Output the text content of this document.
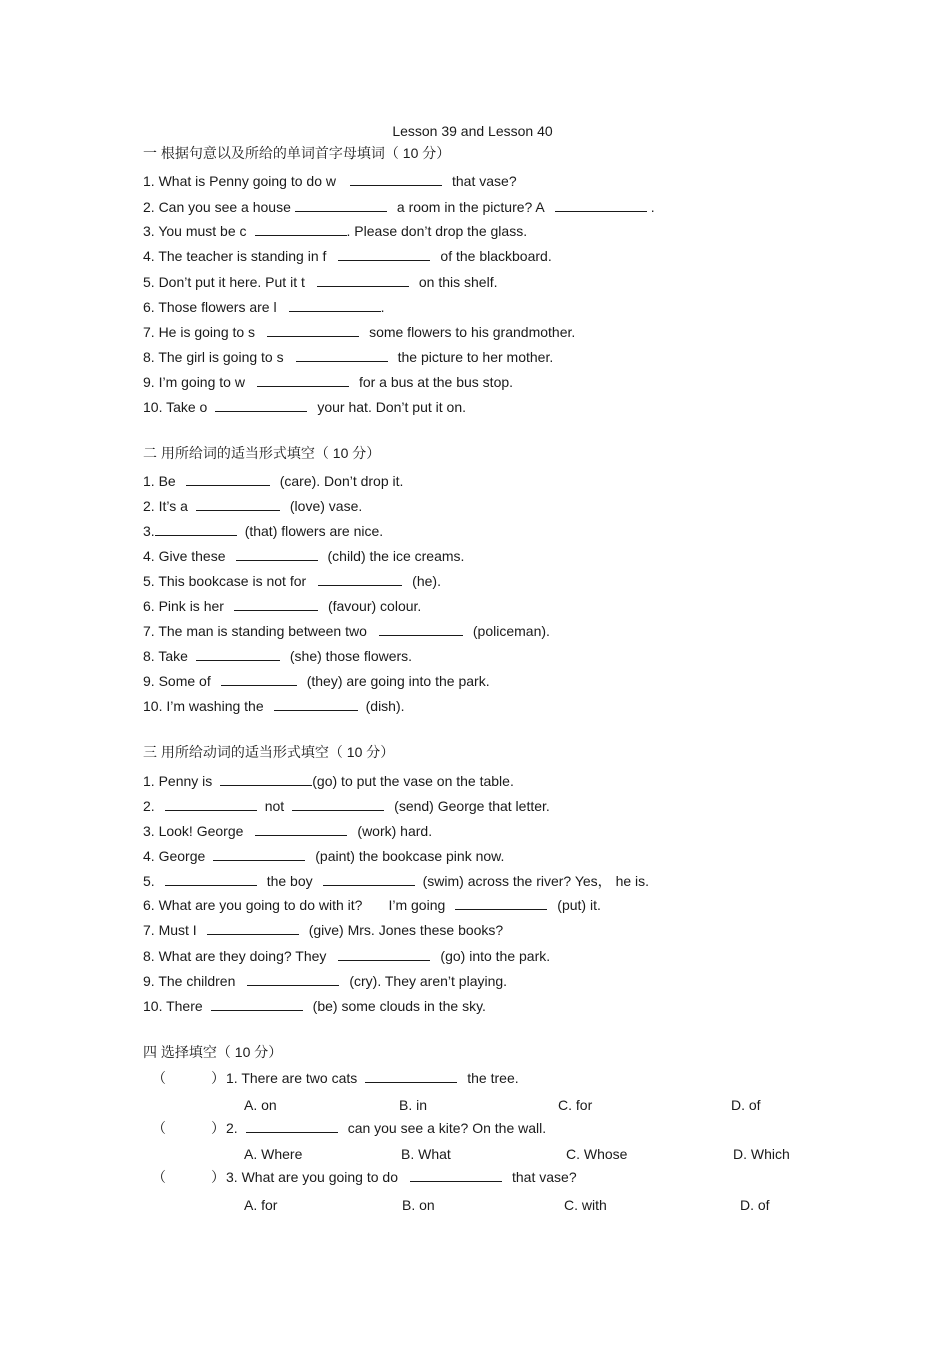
Lesson 39 and Lesson 40
一 根据句意以及所给的单词首字母填词（ 10 分）
1. What is Penny going to do w	that vase?
2. Can you see a house	a room in the picture? A	.
3. You must be c	. Please don’t drop the glass.
4. The teacher is standing in f	of the blackboard.
5. Don’t put it here. Put it t	on this shelf.
6. Those flowers are l	.
7. He is going to s	some flowers to his grandmother.
8. The girl is going to s	the picture to her mother.
9. I’m going to w	for a bus at the bus stop.
10. Take o	your hat. Don’t put it on.
二 用所给词的适当形式填空（ 10 分）
1. Be	(care). Don’t drop it.
2. It’s a	(love) vase.
3.	(that) flowers are nice.
4. Give these	(child) the ice creams.
5. This bookcase is not for	(he).
6. Pink is her	(favour) colour.
7. The man is standing between two	(policeman).
8. Take	(she) those flowers.
9. Some of	(they) are going into the park.
10. I’m washing the	(dish).
三 用所给动词的适当形式填空（ 10 分）
1. Penny is	(go) to put the vase on the table.
2.	not	(send) George that letter.
3. Look! George	(work) hard.
4. George	(paint) the bookcase pink now.
5.	the boy	(swim) across the river? Yes， he is.
6. What are you going to do with it? I’m going	(put) it.
7. Must I	(give) Mrs. Jones these books?
8. What are they doing? They	(go) into the park.
9. The children	(cry). They aren’t playing.
10. There	(be) some clouds in the sky.
四 选择填空（ 10 分）
（	） 1. There are two cats	the tree.
A. on	B. in	C. for	D. of
（	） 2.	can you see a kite? On the wall.
A. Where	B. What	C. Whose	D. Which
（	） 3. What are you going to do	that vase?
A. for	B. on	C. with	D. of
